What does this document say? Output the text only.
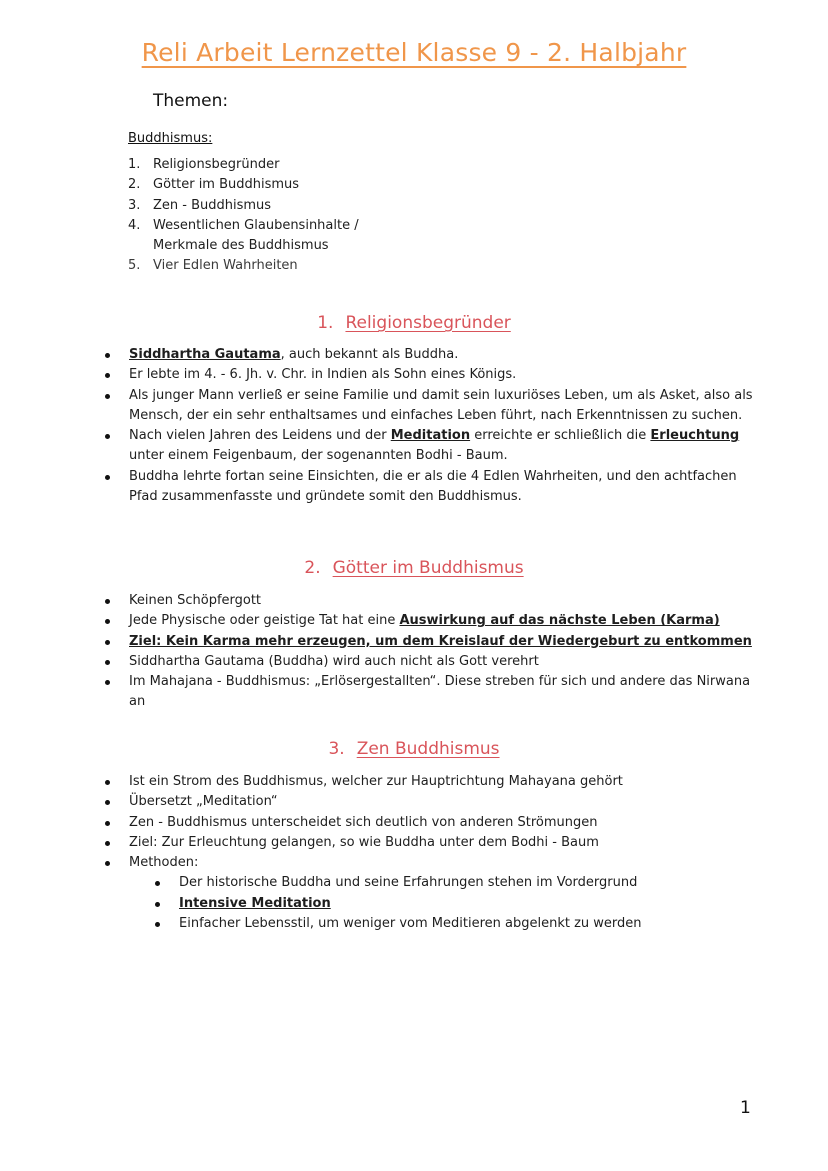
Reli Arbeit Lernzettel Klasse 9 - 2. Halbjahr
Themen:
Buddhismus:
1. Religionsbegründer
2. Götter im Buddhismus
3. Zen - Buddhismus
4. Wesentlichen Glaubensinhalte /
Merkmale des Buddhismus
5. Vier Edlen Wahrheiten
1. Religionsbegründer
Siddhartha Gautama, auch bekannt als Buddha.
Er lebte im 4. - 6. Jh. v. Chr. in Indien als Sohn eines Königs.
Als junger Mann verließ er seine Familie und damit sein luxuriöses Leben, um als Asket, also als Mensch, der ein sehr enthaltsames und einfaches Leben führt, nach Erkenntnissen zu suchen.
Nach vielen Jahren des Leidens und der Meditation erreichte er schließlich die Erleuchtung unter einem Feigenbaum, der sogenannten Bodhi - Baum.
Buddha lehrte fortan seine Einsichten, die er als die 4 Edlen Wahrheiten, und den achtfachen Pfad zusammenfasste und gründete somit den Buddhismus.
2. Götter im Buddhismus
Keinen Schöpfergott
Jede Physische oder geistige Tat hat eine Auswirkung auf das nächste Leben (Karma)
Ziel: Kein Karma mehr erzeugen, um dem Kreislauf der Wiedergeburt zu entkommen
Siddhartha Gautama (Buddha) wird auch nicht als Gott verehrt
Im Mahajana - Buddhismus: „Erlösergestallten“. Diese streben für sich und andere das Nirwana an
3. Zen Buddhismus
Ist ein Strom des Buddhismus, welcher zur Hauptrichtung Mahayana gehört
Übersetzt „Meditation“
Zen - Buddhismus unterscheidet sich deutlich von anderen Strömungen
Ziel: Zur Erleuchtung gelangen, so wie Buddha unter dem Bodhi - Baum
Methoden:
Der historische Buddha und seine Erfahrungen stehen im Vordergrund
Intensive Meditation
Einfacher Lebensstil, um weniger vom Meditieren abgelenkt zu werden
1
